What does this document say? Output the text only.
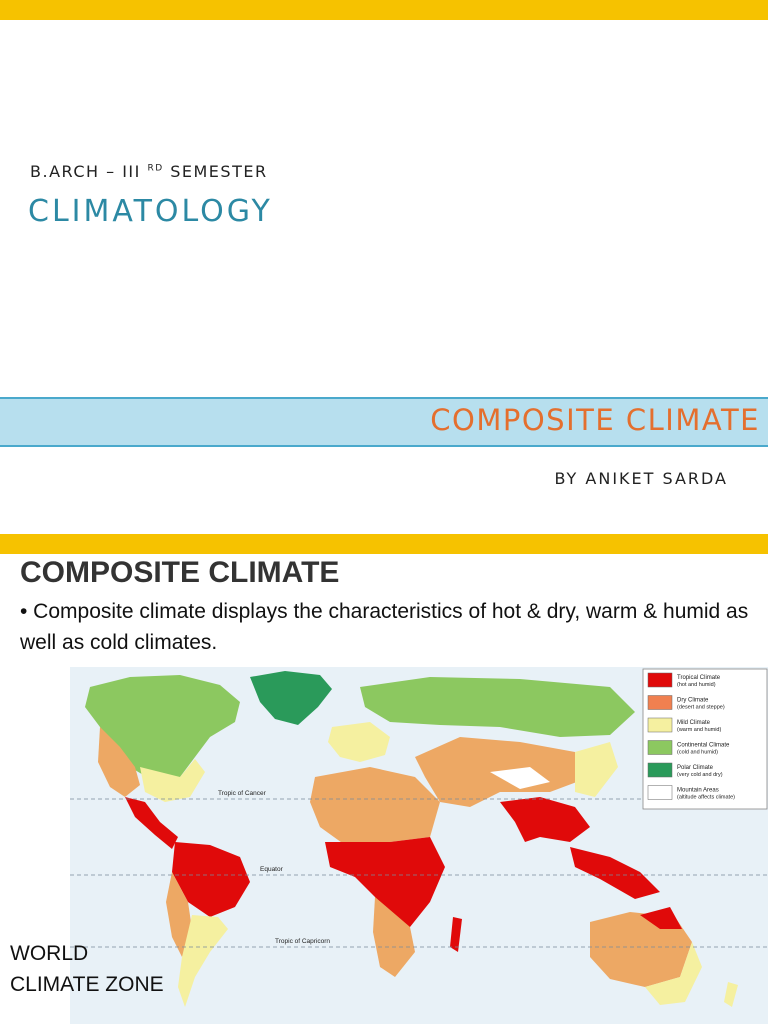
B.ARCH – III $^{RD}$ SEMESTER
CLIMATOLOGY
COMPOSITE CLIMATE
BY ANIKET SARDA
COMPOSITE CLIMATE
• Composite climate displays the characteristics of hot & dry, warm & humid as well as cold climates.
Tropic of Cancer
Equator
Tropic of Capricorn
Tropical Climate
(hot and humid)
Dry Climate
(desert and steppe)
Mild Climate
(warm and humid)
Continental Climate
(cold and humid)
Polar Climate
(very cold and dry)
Mountain Areas
(altitude affects climate)
WORLD
CLIMATE ZONE
